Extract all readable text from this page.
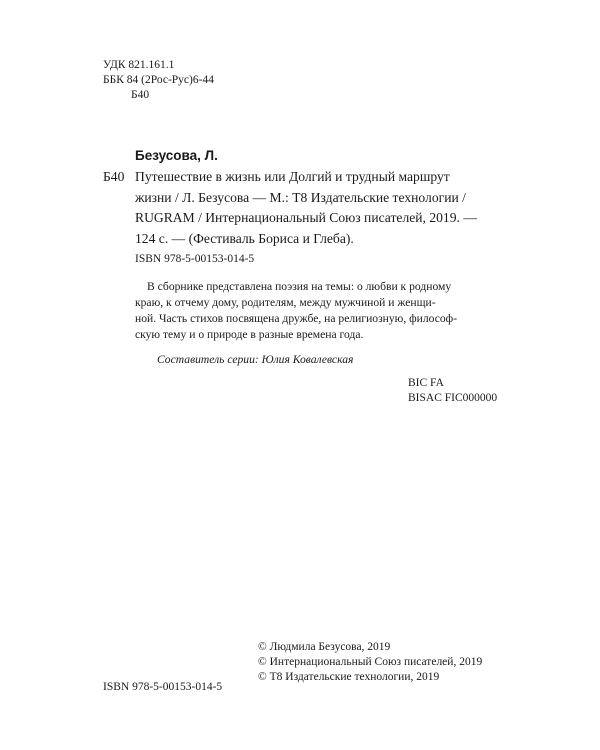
УДК 821.161.1
ББК 84 (2Рос-Рус)6-44
Б40
Безусова, Л.
Б40 Путешествие в жизнь или Долгий и трудный маршрут
жизни / Л. Безусова — М.: Т8 Издательские технологии /
RUGRAM / Интернациональный Союз писателей, 2019. —
124 с. — (Фестиваль Бориса и Глеба).
ISBN 978-5-00153-014-5
В сборнике представлена поэзия на темы: о любви к родному
краю, к отчему дому, родителям, между мужчиной и женщи-
ной. Часть стихов посвящена дружбе, на религиозную, философ-
скую тему и о природе в разные времена года.
Составитель серии: Юлия Ковалевская
BIC FA
BISAC FIC000000
© Людмила Безусова, 2019
© Интернациональный Союз писателей, 2019
© Т8 Издательские технологии, 2019
ISBN 978-5-00153-014-5
